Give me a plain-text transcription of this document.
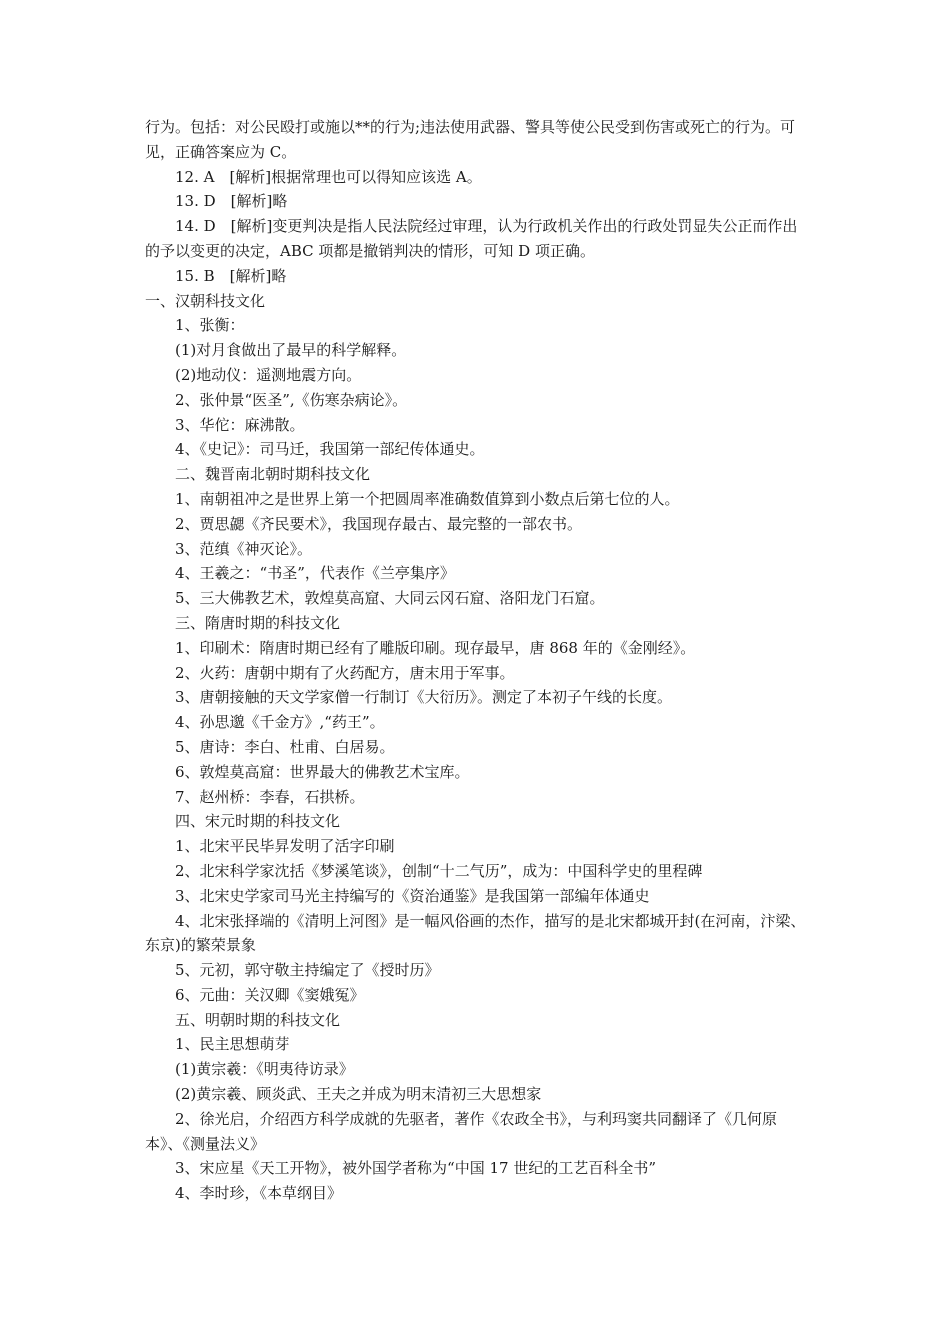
行为。包括：对公民殴打或施以**的行为;违法使用武器、警具等使公民受到伤害或死亡的行为。可见，正确答案应为 C。

12. A　[解析]根据常理也可以得知应该选 A。

13. D　[解析]略

14. D　[解析]变更判决是指人民法院经过审理，认为行政机关作出的行政处罚显失公正而作出的予以变更的决定，ABC 项都是撤销判决的情形，可知 D 项正确。

15. B　[解析]略

一、汉朝科技文化

1、张衡：

(1)对月食做出了最早的科学解释。

(2)地动仪：遥测地震方向。

2、张仲景“医圣”,《伤寒杂病论》。

3、华佗：麻沸散。

4、《史记》：司马迁，我国第一部纪传体通史。

二、魏晋南北朝时期科技文化

1、南朝祖冲之是世界上第一个把圆周率准确数值算到小数点后第七位的人。

2、贾思勰《齐民要术》，我国现存最古、最完整的一部农书。

3、范缜《神灭论》。

4、王羲之：“书圣”，代表作《兰亭集序》

5、三大佛教艺术，敦煌莫高窟、大同云冈石窟、洛阳龙门石窟。

三、隋唐时期的科技文化

1、印刷术：隋唐时期已经有了雕版印刷。现存最早，唐 868 年的《金刚经》。

2、火药：唐朝中期有了火药配方，唐末用于军事。

3、唐朝接触的天文学家僧一行制订《大衍历》。测定了本初子午线的长度。

4、孙思邈《千金方》,“药王”。

5、唐诗：李白、杜甫、白居易。

6、敦煌莫高窟：世界最大的佛教艺术宝库。

7、赵州桥：李春，石拱桥。

四、宋元时期的科技文化

1、北宋平民毕昇发明了活字印刷

2、北宋科学家沈括《梦溪笔谈》，创制“十二气历”，成为：中国科学史的里程碑

3、北宋史学家司马光主持编写的《资治通鉴》是我国第一部编年体通史

4、北宋张择端的《清明上河图》是一幅风俗画的杰作，描写的是北宋都城开封(在河南，汴梁、东京)的繁荣景象

5、元初，郭守敬主持编定了《授时历》

6、元曲：关汉卿《窦娥冤》

五、明朝时期的科技文化

1、民主思想萌芽

(1)黄宗羲：《明夷待访录》

(2)黄宗羲、顾炎武、王夫之并成为明末清初三大思想家

2、徐光启，介绍西方科学成就的先驱者，著作《农政全书》，与利玛窦共同翻译了《几何原本》、《测量法义》

3、宋应星《天工开物》，被外国学者称为“中国 17 世纪的工艺百科全书”

4、李时珍，《本草纲目》
